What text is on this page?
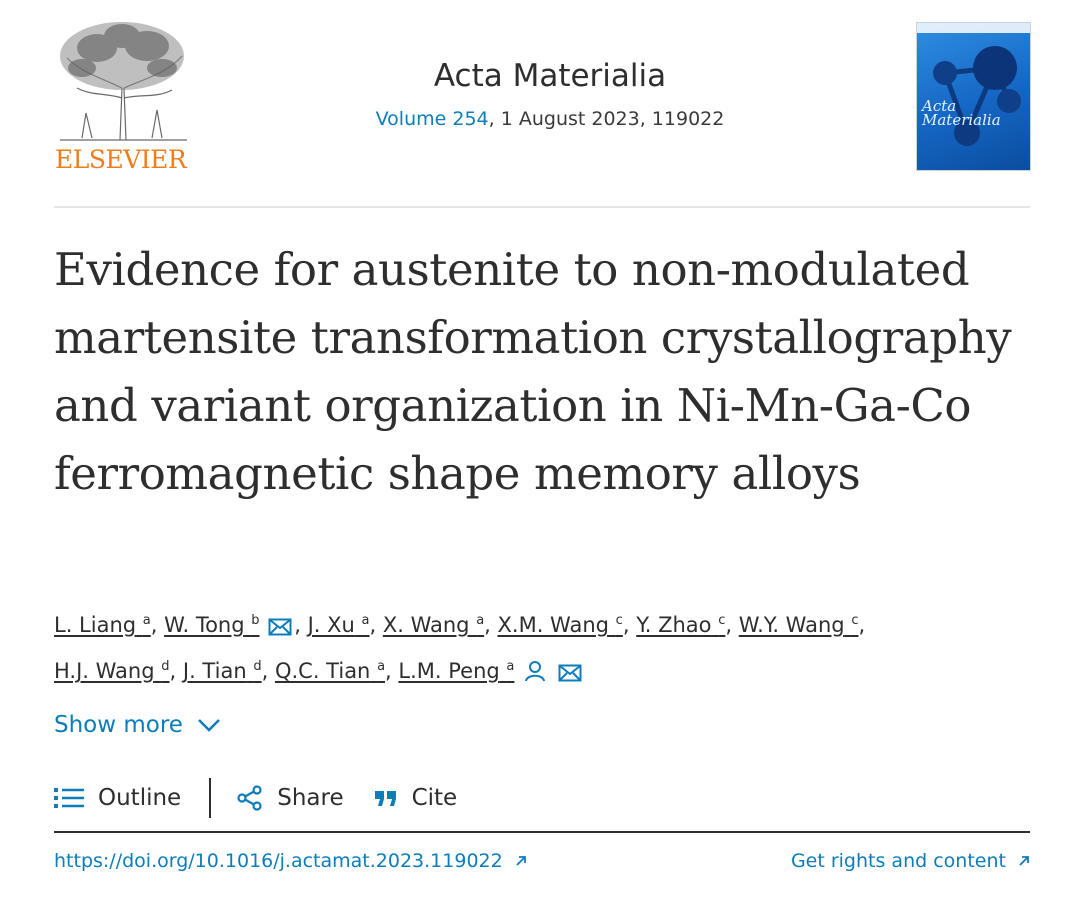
ELSEVIER
Acta Materialia
Volume 254, 1 August 2023, 119022
Acta Materialia
Evidence for austenite to non-modulated martensite transformation crystallography and variant organization in Ni-Mn-Ga-Co ferromagnetic shape memory alloys
L. Liang $^a$, W. Tong $^b$ , J. Xu $^a$, X. Wang $^a$, X.M. Wang $^c$, Y. Zhao $^c$, W.Y. Wang $^c$,
H.J. Wang $^d$, J. Tian $^d$, Q.C. Tian $^a$, L.M. Peng $^a$
Show more
Outline	Share	Cite
https://doi.org/10.1016/j.actamat.2023.119022	Get rights and content
